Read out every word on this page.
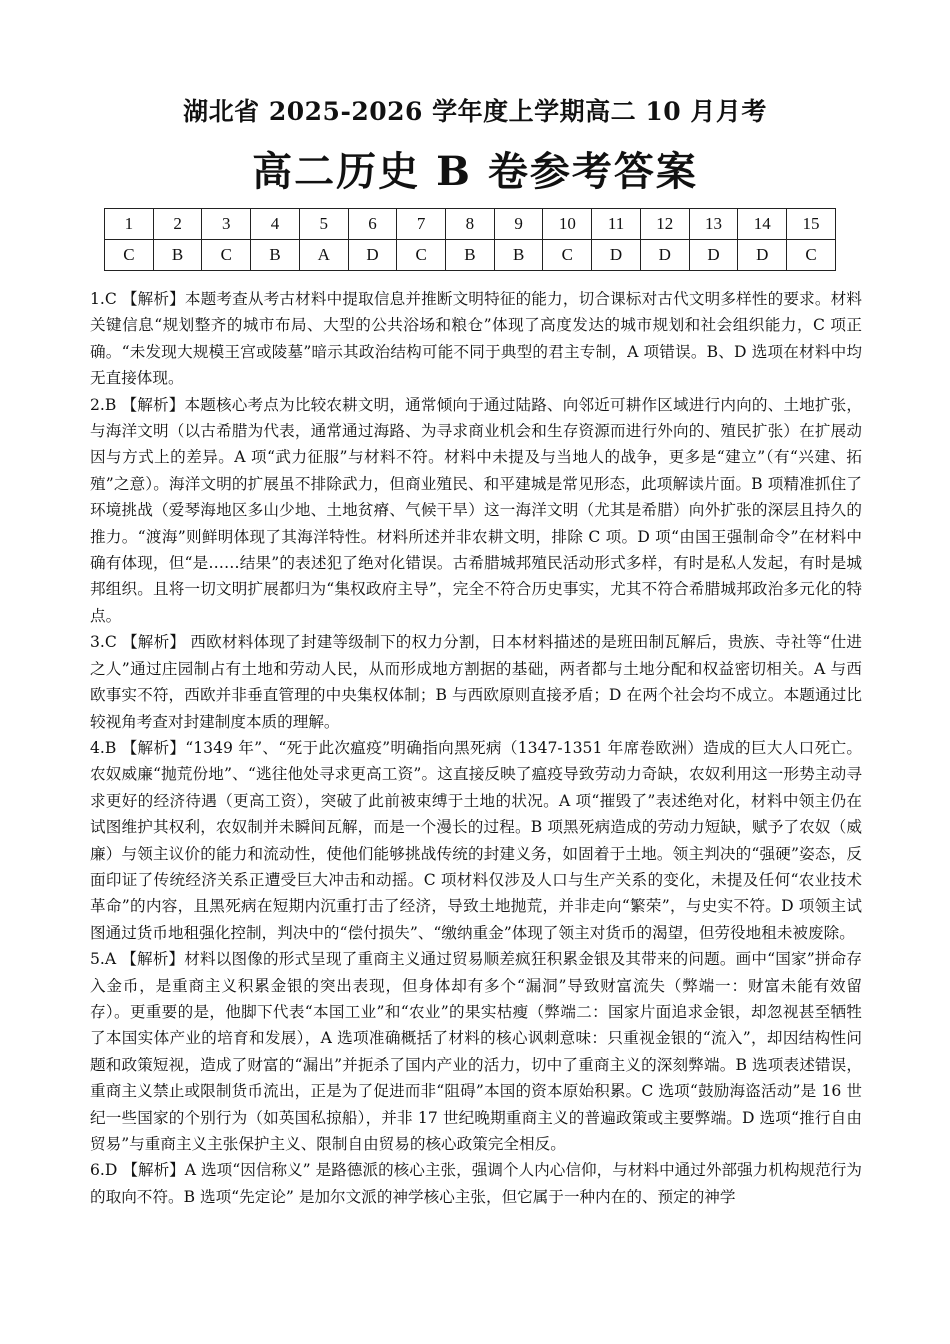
湖北省 2025-2026 学年度上学期高二 10 月月考
高二历史 B 卷参考答案
1	2	3	4	5	6	7	8	9	10	11	12	13	14	15
C	B	C	B	A	D	C	B	B	C	D	D	D	D	C

1.C 【解析】本题考查从考古材料中提取信息并推断文明特征的能力，切合课标对古代文明多样性的要求。材料关键信息“规划整齐的城市布局、大型的公共浴场和粮仓”体现了高度发达的城市规划和社会组织能力，C 项正确。“未发现大规模王宫或陵墓”暗示其政治结构可能不同于典型的君主专制，A 项错误。B、D 选项在材料中均无直接体现。

2.B 【解析】本题核心考点为比较农耕文明，通常倾向于通过陆路、向邻近可耕作区域进行内向的、土地扩张，与海洋文明（以古希腊为代表，通常通过海路、为寻求商业机会和生存资源而进行外向的、殖民扩张）在扩展动因与方式上的差异。A 项“武力征服”与材料不符。材料中未提及与当地人的战争，更多是“建立”（有“兴建、拓殖”之意）。海洋文明的扩展虽不排除武力，但商业殖民、和平建城是常见形态，此项解读片面。B 项精准抓住了环境挑战（爱琴海地区多山少地、土地贫瘠、气候干旱）这一海洋文明（尤其是希腊）向外扩张的深层且持久的推力。“渡海”则鲜明体现了其海洋特性。材料所述并非农耕文明，排除 C 项。D 项“由国王强制命令”在材料中确有体现，但“是……结果”的表述犯了绝对化错误。古希腊城邦殖民活动形式多样，有时是私人发起，有时是城邦组织。且将一切文明扩展都归为“集权政府主导”，完全不符合历史事实，尤其不符合希腊城邦政治多元化的特点。

3.C 【解析】 西欧材料体现了封建等级制下的权力分割，日本材料描述的是班田制瓦解后，贵族、寺社等“仕进之人”通过庄园制占有土地和劳动人民，从而形成地方割据的基础，两者都与土地分配和权益密切相关。A 与西欧事实不符，西欧并非垂直管理的中央集权体制；B 与西欧原则直接矛盾；D 在两个社会均不成立。本题通过比较视角考查对封建制度本质的理解。

4.B 【解析】“1349 年”、“死于此次瘟疫”明确指向黑死病（1347-1351 年席卷欧洲）造成的巨大人口死亡。农奴威廉“抛荒份地”、“逃往他处寻求更高工资”。这直接反映了瘟疫导致劳动力奇缺，农奴利用这一形势主动寻求更好的经济待遇（更高工资），突破了此前被束缚于土地的状况。A 项“摧毁了”表述绝对化，材料中领主仍在试图维护其权利，农奴制并未瞬间瓦解，而是一个漫长的过程。B 项黑死病造成的劳动力短缺，赋予了农奴（威廉）与领主议价的能力和流动性，使他们能够挑战传统的封建义务，如固着于土地。领主判决的“强硬”姿态，反面印证了传统经济关系正遭受巨大冲击和动摇。C 项材料仅涉及人口与生产关系的变化，未提及任何“农业技术革命”的内容，且黑死病在短期内沉重打击了经济，导致土地抛荒，并非走向“繁荣”，与史实不符。D 项领主试图通过货币地租强化控制，判决中的“偿付损失”、“缴纳重金”体现了领主对货币的渴望，但劳役地租未被废除。

5.A 【解析】材料以图像的形式呈现了重商主义通过贸易顺差疯狂积累金银及其带来的问题。画中“国家”拼命存入金币，是重商主义积累金银的突出表现，但身体却有多个“漏洞”导致财富流失（弊端一：财富未能有效留存）。更重要的是，他脚下代表“本国工业”和“农业”的果实枯瘦（弊端二：国家片面追求金银，却忽视甚至牺牲了本国实体产业的培育和发展），A 选项准确概括了材料的核心讽刺意味：只重视金银的“流入”，却因结构性问题和政策短视，造成了财富的“漏出”并扼杀了国内产业的活力，切中了重商主义的深刻弊端。B 选项表述错误，重商主义禁止或限制货币流出，正是为了促进而非“阻碍”本国的资本原始积累。C 选项“鼓励海盗活动”是 16 世纪一些国家的个别行为（如英国私掠船），并非 17 世纪晚期重商主义的普遍政策或主要弊端。D 选项“推行自由贸易”与重商主义主张保护主义、限制自由贸易的核心政策完全相反。

6.D 【解析】A 选项“因信称义” 是路德派的核心主张，强调个人内心信仰，与材料中通过外部强力机构规范行为的取向不符。B 选项“先定论” 是加尔文派的神学核心主张，但它属于一种内在的、预定的神学
